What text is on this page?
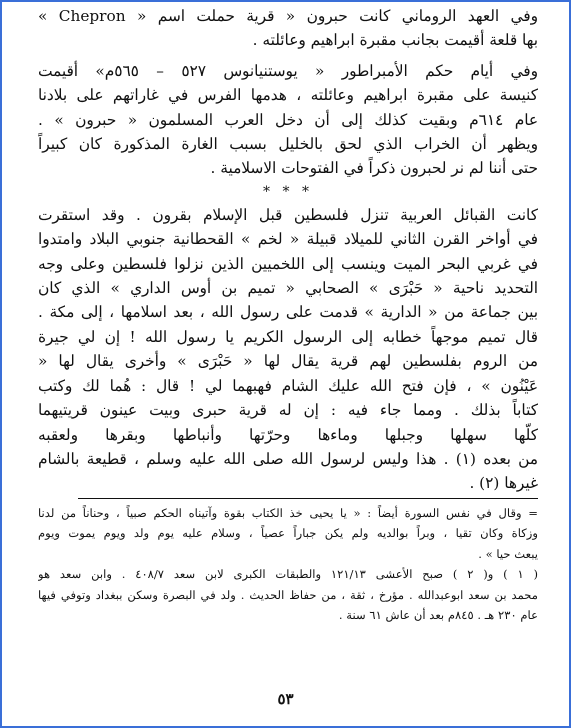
وفي العهد الروماني كانت حبرون « قرية حملت اسم « Chepron »
بها قلعة أقيمت بجانب مقبرة ابراهيم وعائلته .
وفي أيام حكم الأمبراطور « يوستنيانوس ٥٢٧ – ٥٦٥م» أقيمت
كنيسة على مقبرة ابراهيم وعائلته ، هدمها الفرس في غاراتهم على بلادنا
عام ٦١٤م وبقيت كذلك إلى أن دخل العرب المسلمون « حبرون » .
ويظهر أن الخراب الذي لحق بالخليل بسبب الغارة المذكورة كان كبيراً
حتى أننا لم نر لحبرون ذكراً في الفتوحات الاسلامية .
* * *
كانت القبائل العربية تنزل فلسطين قبل الإسلام بقرون . وقد استقرت
في أواخر القرن الثاني للميلاد قبيلة « لخم » القحطانية جنوبي البلاد وامتدوا
في غربي البحر الميت وينسب إلى اللخميين الذين نزلوا فلسطين وعلى وجه
التحديد ناحية « حَبْرَى » الصحابي « تميم بن أوس الداري » الذي كان
بين جماعة من « الدارية » قدمت على رسول الله ، بعد اسلامها ، إلى مكة .
قال تميم موجهاً خطابه إلى الرسول الكريم يا رسول الله ! إن لي جيرة
من الروم بفلسطين لهم قرية يقال لها « حَبْرَى » وأخرى يقال لها «
عَيْنُون » ، فإن فتح الله عليك الشام فهبهما لي ! قال : هُما لك وكتب
كتاباً بذلك . ومما جاء فيه : إن له قرية حبرى وبيت عينون قريتيهما
كلّها سهلها وجبلها وماءها وحرّتها وأنباطها وبقرها ولعقبه
من بعده (١) . هذا وليس لرسول الله صلى الله عليه وسلم ، قطيعة بالشام
غيرها (٢) .
= وقال في نفس السورة أيضاً : « يا يحيى خذ الكتاب بقوة وآتيناه الحكم صبياً ، وحناناً من لدنا
وزكاة وكان تقيا ، وبراً بوالديه ولم يكن جباراً عصياً ، وسلام عليه يوم ولد ويوم يموت ويوم
يبعث حيا » .
( ١ ) و( ٢ ) صبح الأعشى ١٢١/١٣ والطبقات الكبرى لابن سعد ٤٠٨/٧ . وابن سعد هو
محمد بن سعد ابوعبدالله . مؤرخ ، ثقة ، من حفاظ الحديث . ولد في البصرة وسكن ببغداد وتوفي فيها
عام ٢٣٠ هـ . ٨٤٥م بعد أن عاش ٦١ سنة .
٥٣
